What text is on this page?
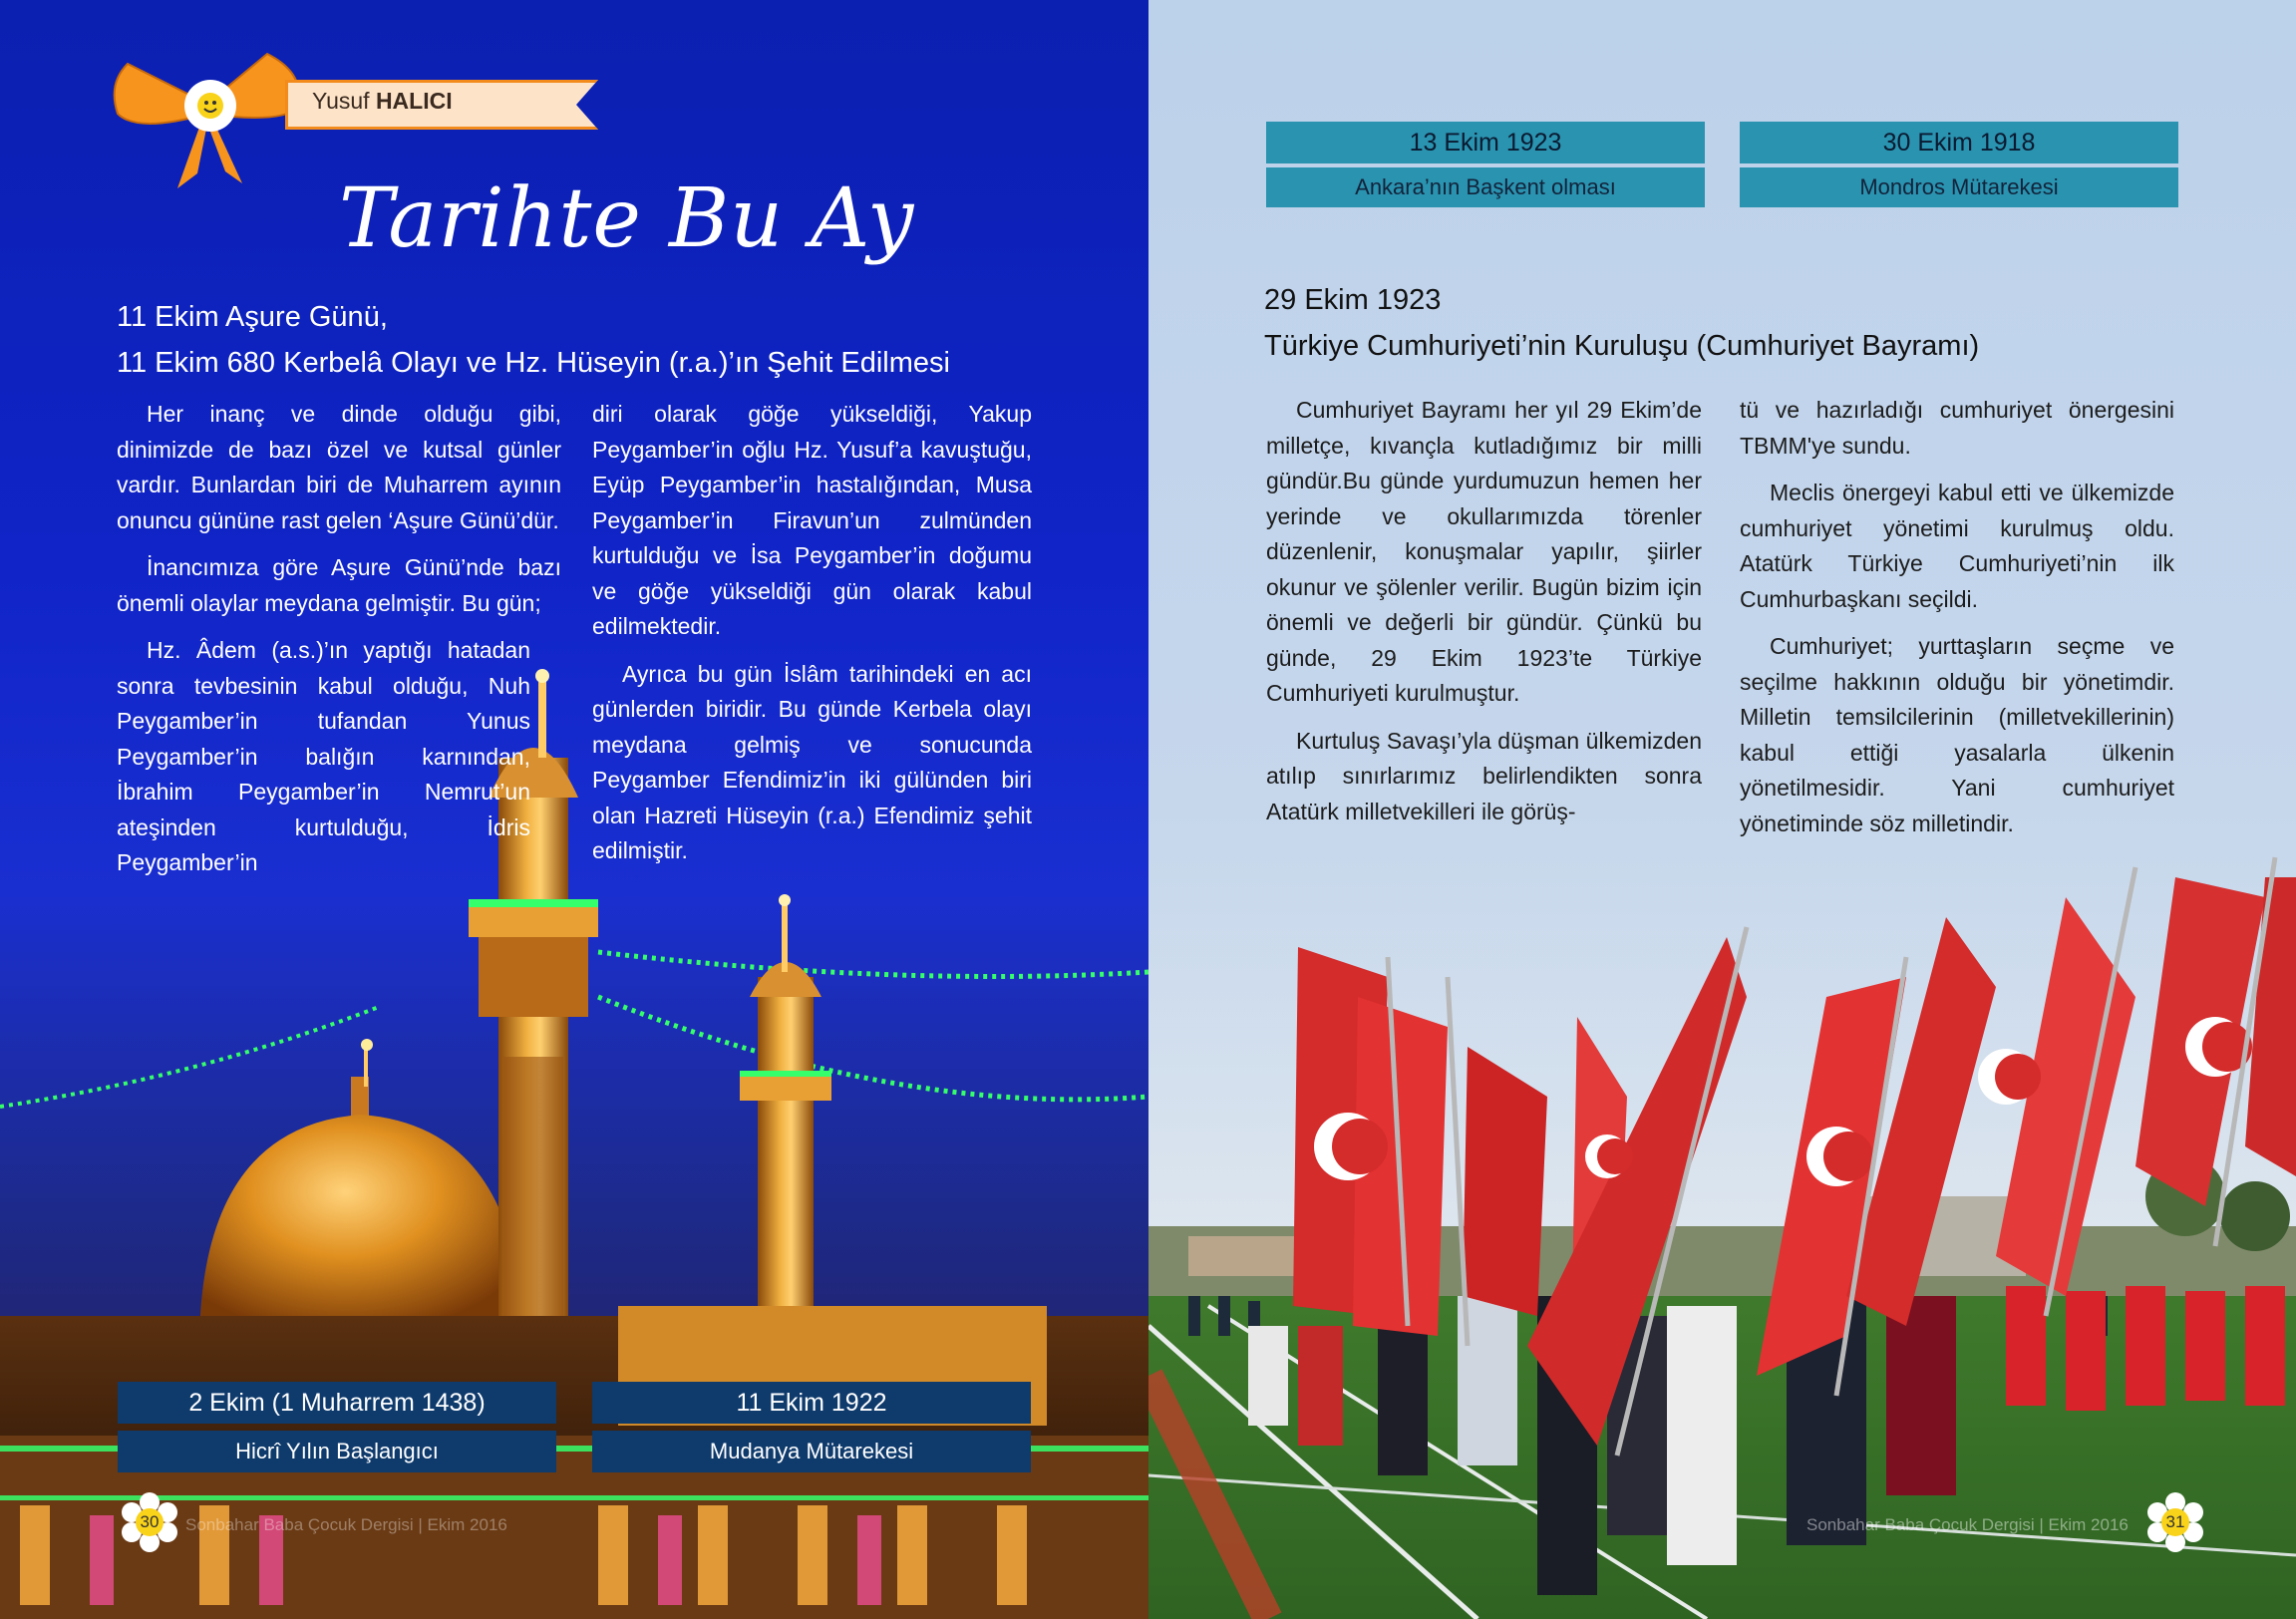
Yusuf HALICI
Tarihte Bu Ay
11 Ekim Aşure Günü,
11 Ekim 680 Kerbelâ Olayı ve Hz. Hüseyin (r.a.)’ın Şehit Edilmesi

Her inanç ve dinde olduğu gibi, dinimizde de bazı özel ve kutsal günler vardır. Bunlardan biri de Muharrem ayının onuncu gününe rast gelen ‘Aşure Günü’dür.

İnancımıza göre Aşure Günü’nde bazı önemli olaylar meydana gelmiştir. Bu gün;

Hz. Âdem (a.s.)’ın yaptığı hatadan sonra tevbesinin kabul olduğu, Nuh Peygamber’in tufandan Yunus Peygamber’in balığın karnından, İbrahim Peygamber’in Nemrut’un ateşinden kurtulduğu, İdris Peygamber’in

diri olarak göğe yükseldiği, Yakup Peygamber’in oğlu Hz. Yusuf’a kavuştuğu, Eyüp Peygamber’in hastalığından, Musa Peygamber’in Firavun’un zulmünden kurtulduğu ve İsa Peygamber’in doğumu ve göğe yükseldiği gün olarak kabul edilmektedir.

Ayrıca bu gün İslâm tarihindeki en acı günlerden biridir. Bu günde Kerbela olayı meydana gelmiş ve sonucunda Peygamber Efendimiz’in iki gülünden biri olan Hazreti Hüseyin (r.a.) Efendimiz şehit edilmiştir.

2 Ekim (1 Muharrem 1438)
Hicrî Yılın Başlangıcı
11 Ekim 1922
Mudanya Mütarekesi
30	Sonbahar Baba Çocuk Dergisi | Ekim 2016
13 Ekim 1923
Ankara’nın Başkent olması
30 Ekim 1918
Mondros Mütarekesi
29 Ekim 1923
Türkiye Cumhuriyeti’nin Kuruluşu (Cumhuriyet Bayramı)

Cumhuriyet Bayramı her yıl 29 Ekim’de milletçe, kıvançla kutladığımız bir milli gündür.Bu günde yurdumuzun hemen her yerinde ve okullarımızda törenler düzenlenir, konuşmalar yapılır, şiirler okunur ve şölenler verilir. Bugün bizim için önemli ve değerli bir gündür. Çünkü bu günde, 29 Ekim 1923’te Türkiye Cumhuriyeti kurulmuştur.

Kurtuluş Savaşı’yla düşman ülkemizden atılıp sınırlarımız belirlendikten sonra Atatürk milletvekilleri ile görüş-

tü ve hazırladığı cumhuriyet önergesini TBMM'ye sundu.

Meclis önergeyi kabul etti ve ülkemizde cumhuriyet yönetimi kurulmuş oldu. Atatürk Türkiye Cumhuriyeti’nin ilk Cumhurbaşkanı seçildi.

Cumhuriyet; yurttaşların seçme ve seçilme hakkının olduğu bir yönetimdir. Milletin temsilcilerinin (milletvekillerinin) kabul ettiği yasalarla ülkenin yönetilmesidir. Yani cumhuriyet yönetiminde söz milletindir.

Sonbahar Baba Çocuk Dergisi | Ekim 2016	31
